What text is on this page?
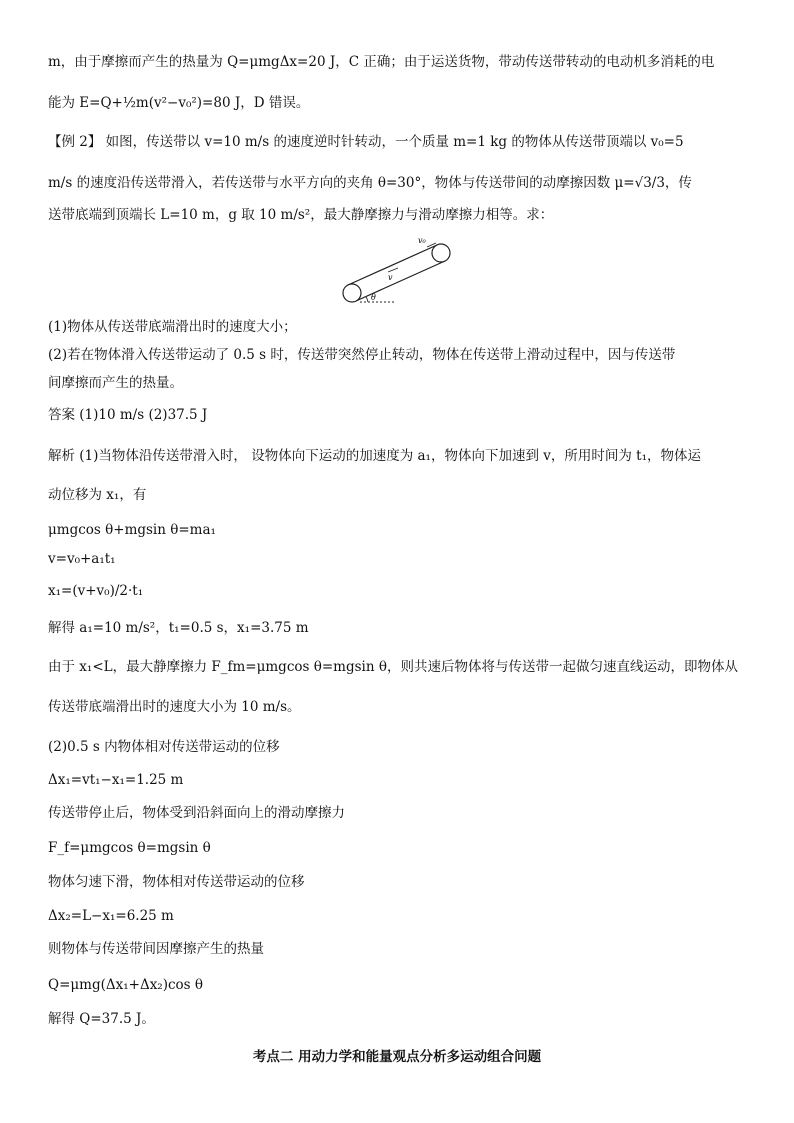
m，由于摩擦而产生的热量为 Q=μmgΔx=20 J，C 正确；由于运送货物，带动传送带转动的电动机多消耗的电
能为 E=Q+½m(v²−v₀²)=80 J，D 错误。
【例 2】 如图，传送带以 v=10 m/s 的速度逆时针转动，一个质量 m=1 kg 的物体从传送带顶端以 v₀=5
m/s 的速度沿传送带滑入，若传送带与水平方向的夹角 θ=30°，物体与传送带间的动摩擦因数 μ=√3/3，传
送带底端到顶端长 L=10 m，g 取 10 m/s²，最大静摩擦力与滑动摩擦力相等。求：
v₀
v
θ
(1)物体从传送带底端滑出时的速度大小；
(2)若在物体滑入传送带运动了 0.5 s 时，传送带突然停止转动，物体在传送带上滑动过程中，因与传送带
间摩擦而产生的热量。
答案 (1)10 m/s (2)37.5 J
解析 (1)当物体沿传送带滑入时， 设物体向下运动的加速度为 a₁，物体向下加速到 v，所用时间为 t₁，物体运
动位移为 x₁，有
μmgcos θ+mgsin θ=ma₁
v=v₀+a₁t₁
x₁=(v+v₀)/2·t₁
解得 a₁=10 m/s²，t₁=0.5 s，x₁=3.75 m
由于 x₁<L，最大静摩擦力 F_fm=μmgcos θ=mgsin θ，则共速后物体将与传送带一起做匀速直线运动，即物体从
传送带底端滑出时的速度大小为 10 m/s。
(2)0.5 s 内物体相对传送带运动的位移
Δx₁=vt₁−x₁=1.25 m
传送带停止后，物体受到沿斜面向上的滑动摩擦力
F_f=μmgcos θ=mgsin θ
物体匀速下滑，物体相对传送带运动的位移
Δx₂=L−x₁=6.25 m
则物体与传送带间因摩擦产生的热量
Q=μmg(Δx₁+Δx₂)cos θ
解得 Q=37.5 J。
考点二 用动力学和能量观点分析多运动组合问题
